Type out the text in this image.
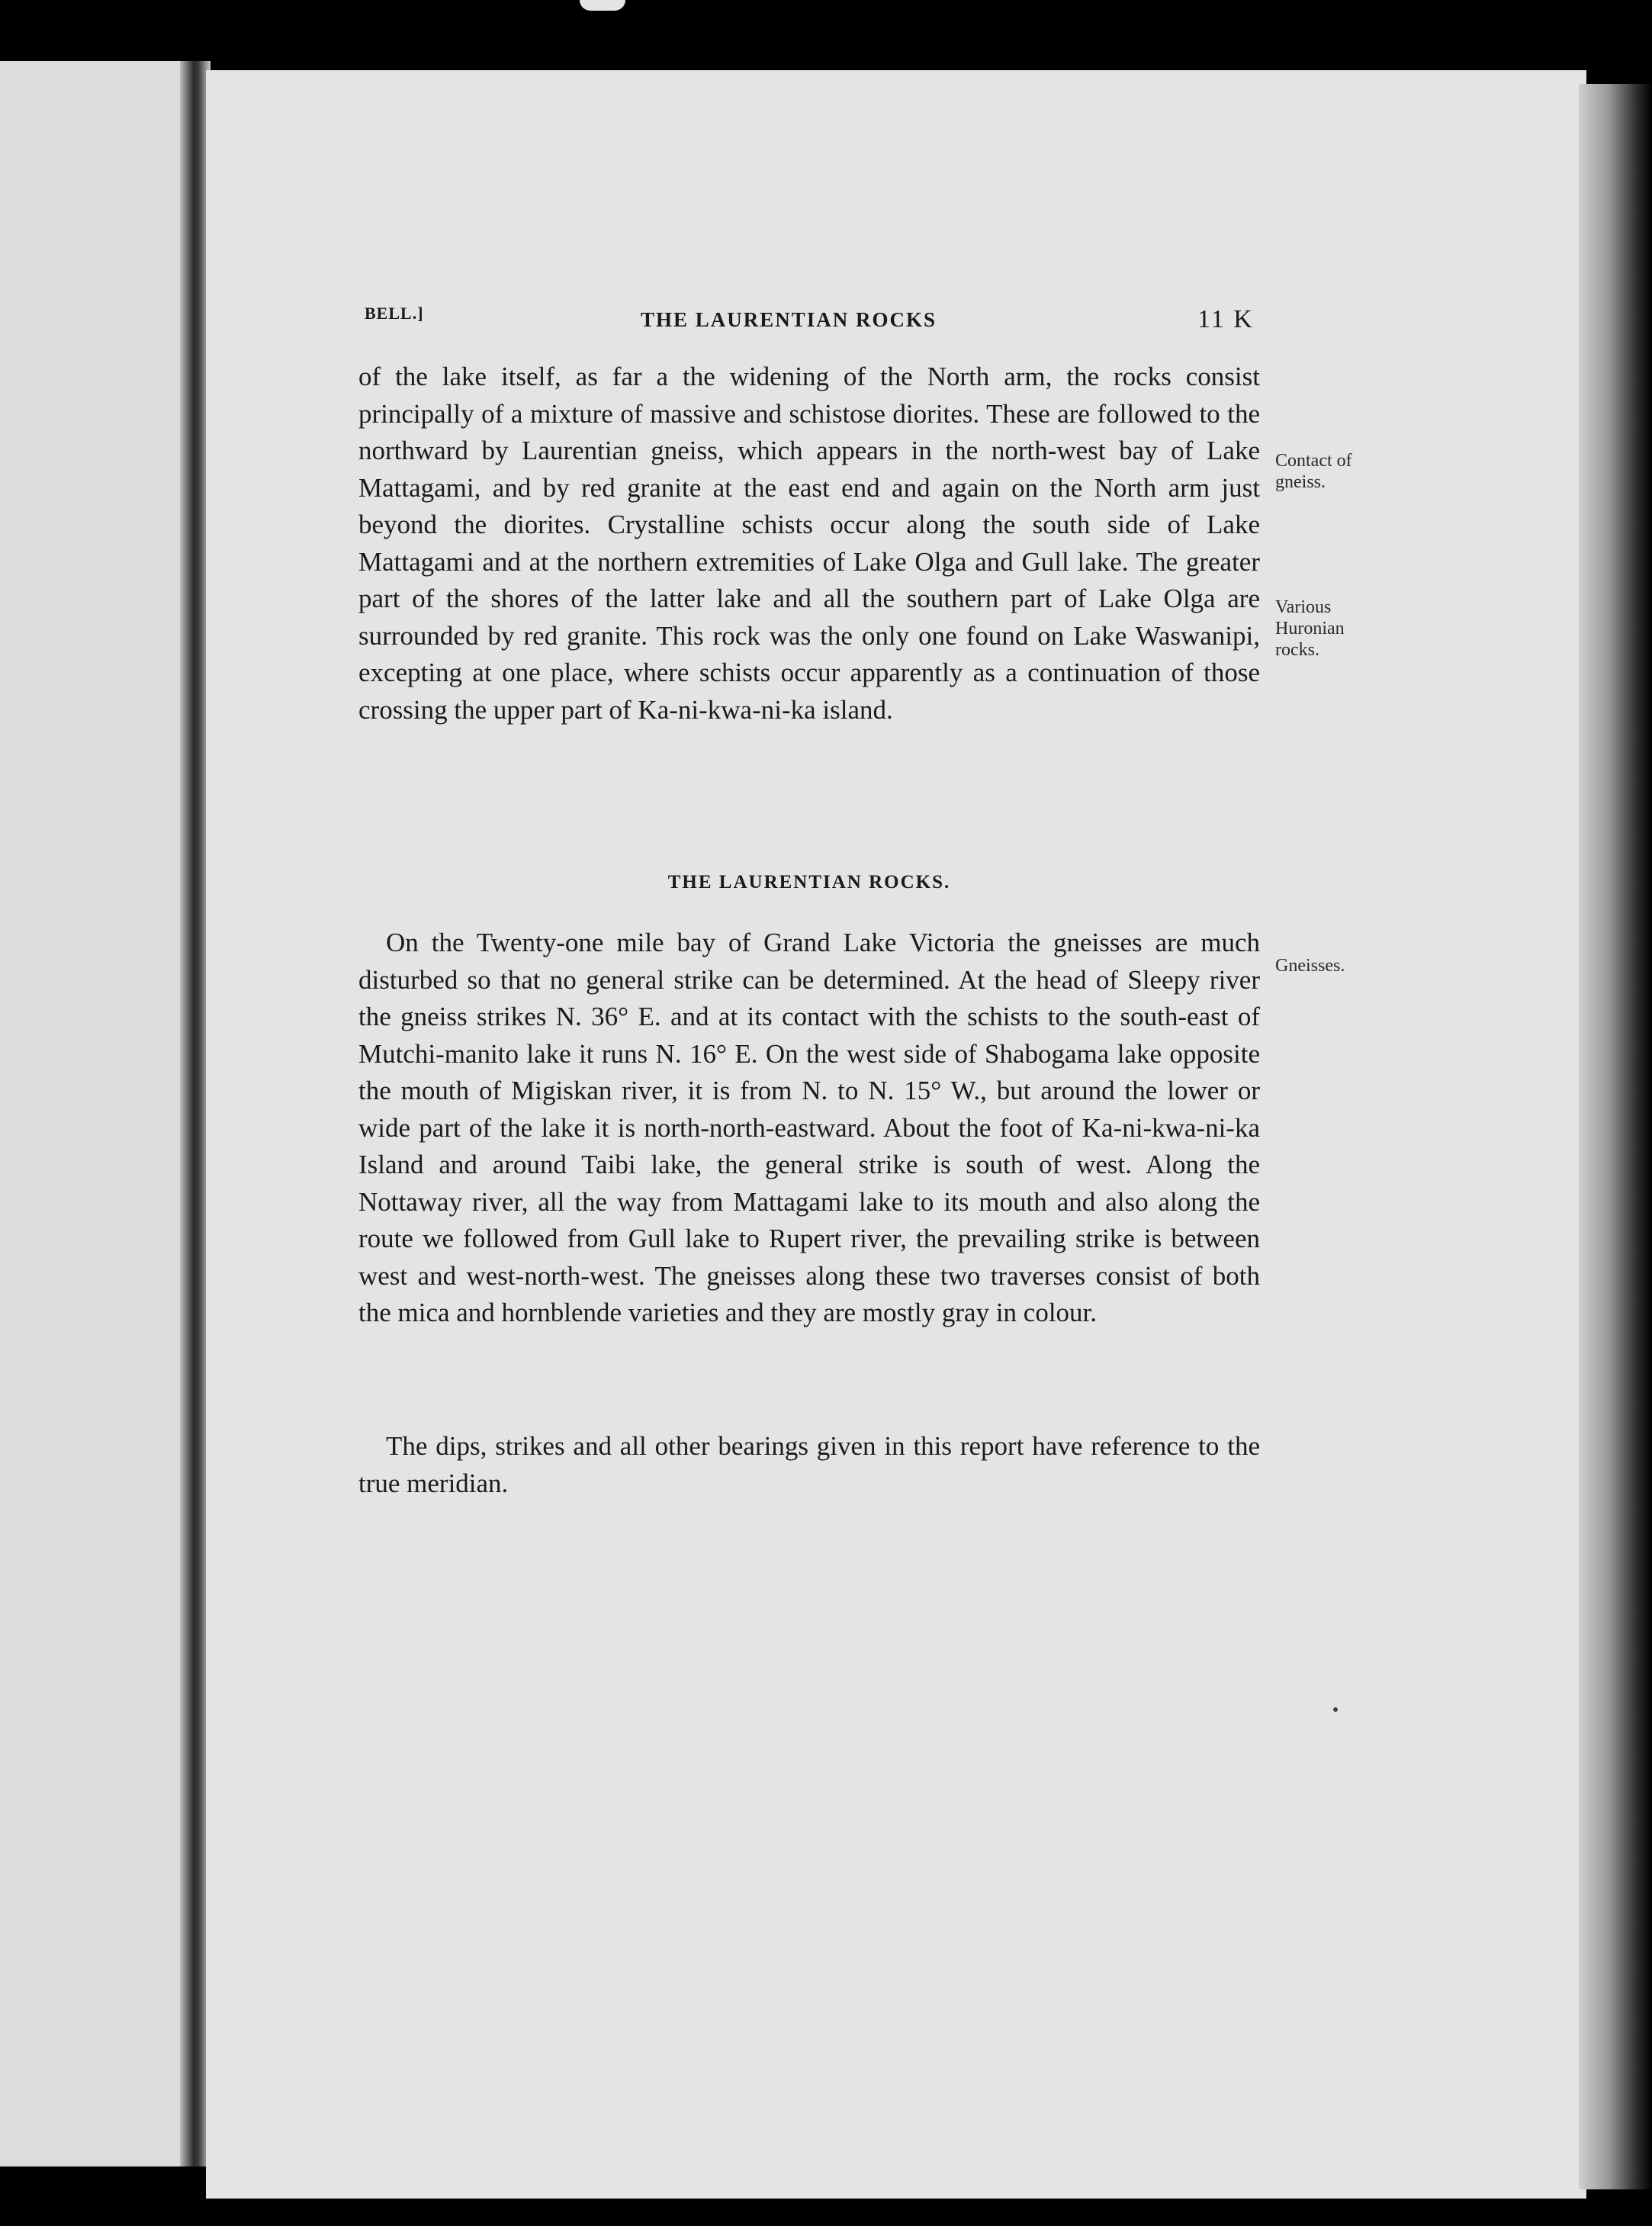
BELL.]	THE LAURENTIAN ROCKS	11 K

of the lake itself, as far a the widening of the North arm, the rocks consist principally of a mixture of massive and schistose diorites. These are followed to the northward by Laurentian gneiss, which appears in the north-west bay of Lake Mattagami, and by red granite at the east end and again on the North arm just beyond the diorites. Crystalline schists occur along the south side of Lake Mattagami and at the northern extremities of Lake Olga and Gull lake. The greater part of the shores of the latter lake and all the southern part of Lake Olga are surrounded by red granite. This rock was the only one found on Lake Waswanipi, excepting at one place, where schists occur apparently as a continuation of those crossing the upper part of Ka-ni-kwa-ni-ka island.

THE LAURENTIAN ROCKS.

On the Twenty-one mile bay of Grand Lake Victoria the gneisses are much disturbed so that no general strike can be determined. At the head of Sleepy river the gneiss strikes N. 36° E. and at its contact with the schists to the south-east of Mutchi-manito lake it runs N. 16° E. On the west side of Shabogama lake opposite the mouth of Migiskan river, it is from N. to N. 15° W., but around the lower or wide part of the lake it is north-north-eastward. About the foot of Ka-ni-kwa-ni-ka Island and around Taibi lake, the general strike is south of west. Along the Nottaway river, all the way from Mattagami lake to its mouth and also along the route we followed from Gull lake to Rupert river, the prevailing strike is between west and west-north-west. The gneisses along these two traverses consist of both the mica and hornblende varieties and they are mostly gray in colour.

The dips, strikes and all other bearings given in this report have reference to the true meridian.

Contact of gneiss.
Various Huronian rocks.
Gneisses.
